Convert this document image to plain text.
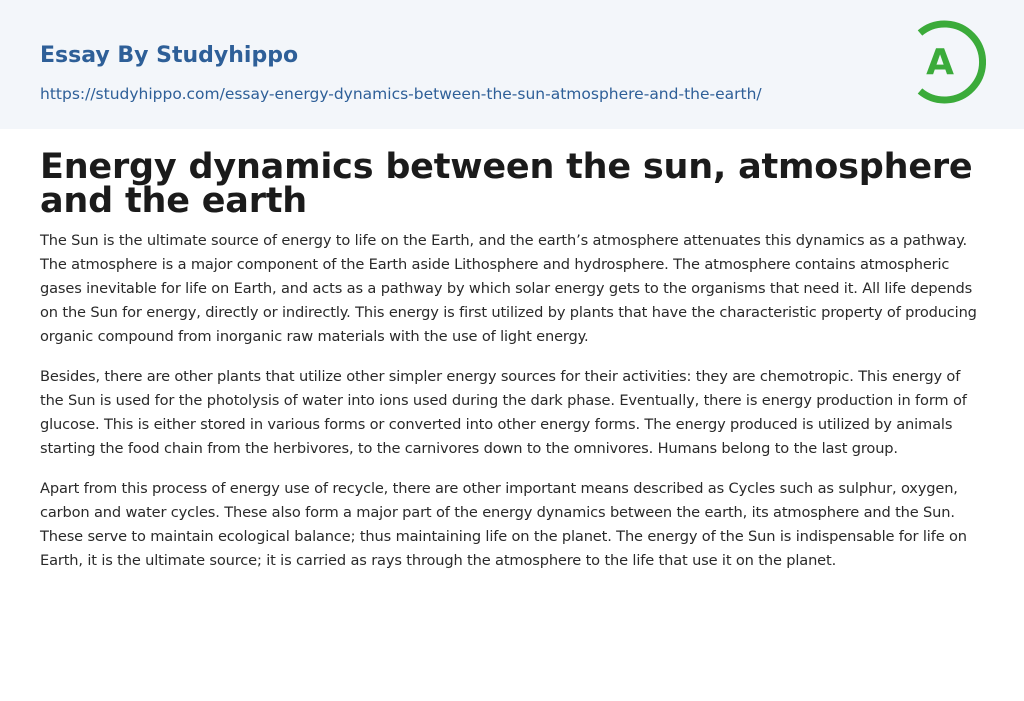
Essay By Studyhippo
https://studyhippo.com/essay-energy-dynamics-between-the-sun-atmosphere-and-the-earth/
A
Energy dynamics between the sun, atmosphere and the earth

The Sun is the ultimate source of energy to life on the Earth, and the earth’s atmosphere attenuates this dynamics as a pathway. The atmosphere is a major component of the Earth aside Lithosphere and hydrosphere. The atmosphere contains atmospheric gases inevitable for life on Earth, and acts as a pathway by which solar energy gets to the organisms that need it. All life depends on the Sun for energy, directly or indirectly. This energy is first utilized by plants that have the characteristic property of producing organic compound from inorganic raw materials with the use of light energy.

Besides, there are other plants that utilize other simpler energy sources for their activities: they are chemotropic. This energy of the Sun is used for the photolysis of water into ions used during the dark phase. Eventually, there is energy production in form of glucose. This is either stored in various forms or converted into other energy forms. The energy produced is utilized by animals starting the food chain from the herbivores, to the carnivores down to the omnivores. Humans belong to the last group.

Apart from this process of energy use of recycle, there are other important means described as Cycles such as sulphur, oxygen, carbon and water cycles. These also form a major part of the energy dynamics between the earth, its atmosphere and the Sun. These serve to maintain ecological balance; thus maintaining life on the planet. The energy of the Sun is indispensable for life on Earth, it is the ultimate source; it is carried as rays through the atmosphere to the life that use it on the planet.
